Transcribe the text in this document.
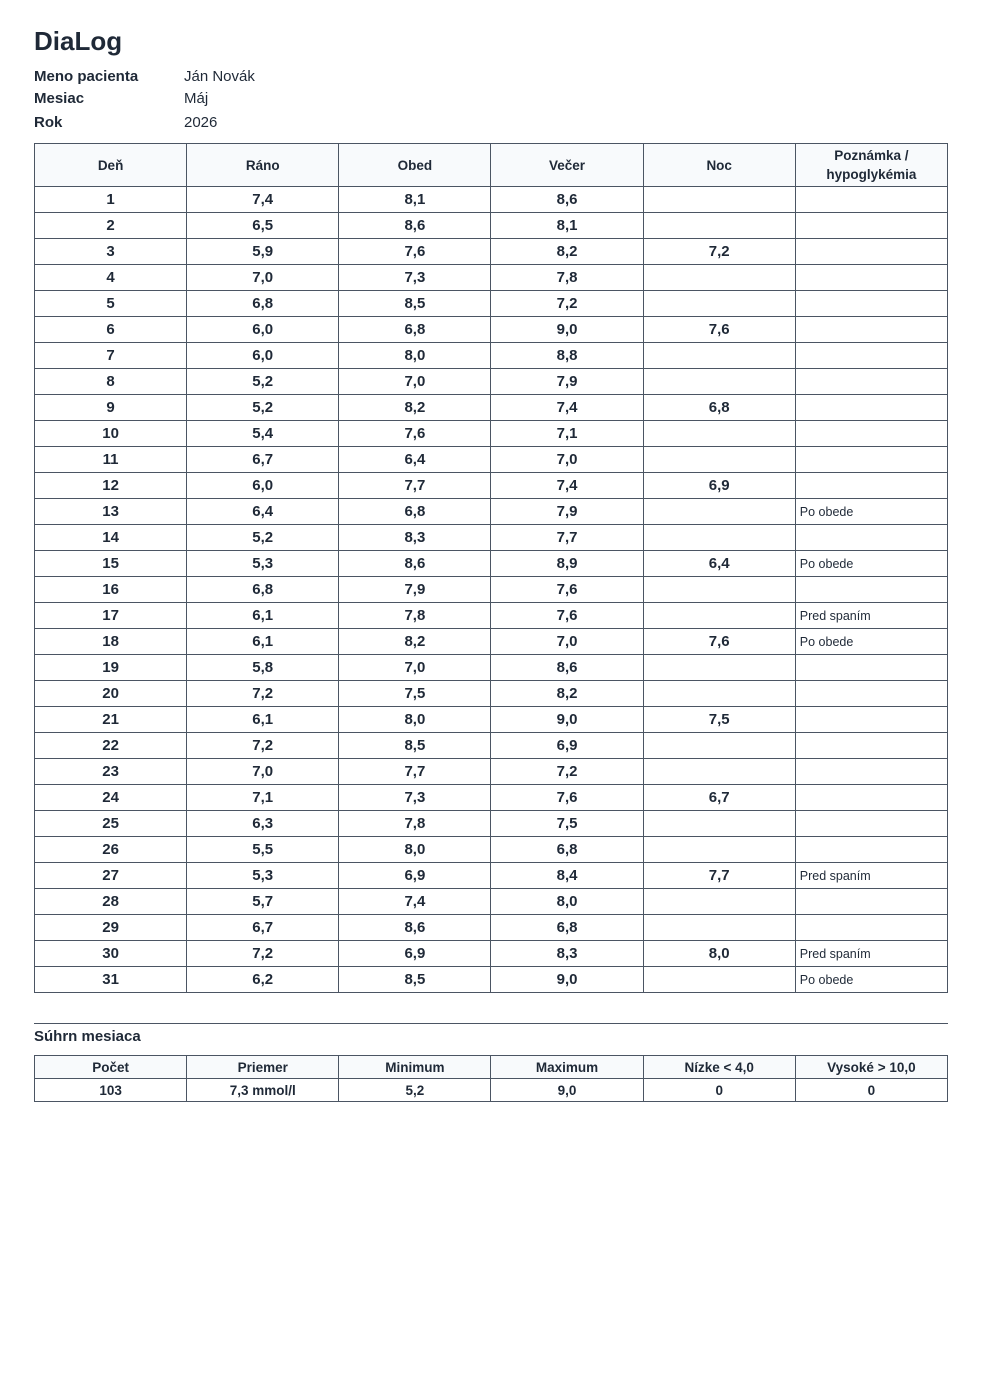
DiaLog
Meno pacienta	Ján Novák
Mesiac	Máj
Rok	2026
Deň	Ráno	Obed	Večer	Noc	Poznámka / hypoglykémia
1	7,4	8,1	8,6		
2	6,5	8,6	8,1		
3	5,9	7,6	8,2	7,2	
4	7,0	7,3	7,8		
5	6,8	8,5	7,2		
6	6,0	6,8	9,0	7,6	
7	6,0	8,0	8,8		
8	5,2	7,0	7,9		
9	5,2	8,2	7,4	6,8	
10	5,4	7,6	7,1		
11	6,7	6,4	7,0		
12	6,0	7,7	7,4	6,9	
13	6,4	6,8	7,9		Po obede
14	5,2	8,3	7,7		
15	5,3	8,6	8,9	6,4	Po obede
16	6,8	7,9	7,6		
17	6,1	7,8	7,6		Pred spaním
18	6,1	8,2	7,0	7,6	Po obede
19	5,8	7,0	8,6		
20	7,2	7,5	8,2		
21	6,1	8,0	9,0	7,5	
22	7,2	8,5	6,9		
23	7,0	7,7	7,2		
24	7,1	7,3	7,6	6,7	
25	6,3	7,8	7,5		
26	5,5	8,0	6,8		
27	5,3	6,9	8,4	7,7	Pred spaním
28	5,7	7,4	8,0		
29	6,7	8,6	6,8		
30	7,2	6,9	8,3	8,0	Pred spaním
31	6,2	8,5	9,0		Po obede
Súhrn mesiaca
Počet	Priemer	Minimum	Maximum	Nízke < 4,0	Vysoké > 10,0
103	7,3 mmol/l	5,2	9,0	0	0
